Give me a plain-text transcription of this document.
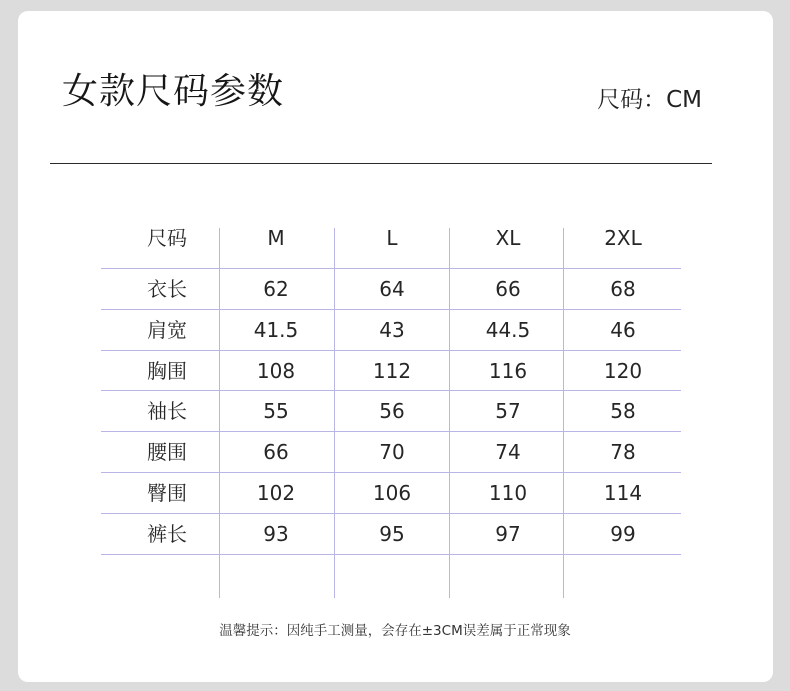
女款尺码参数	尺码：CM
尺码	M	L	XL	2XL
衣长	62	64	66	68
肩宽	41.5	43	44.5	46
胸围	108	112	116	120
袖长	55	56	57	58
腰围	66	70	74	78
臀围	102	106	110	114
裤长	93	95	97	99
温馨提示：因纯手工测量，会存在±3CM误差属于正常现象
